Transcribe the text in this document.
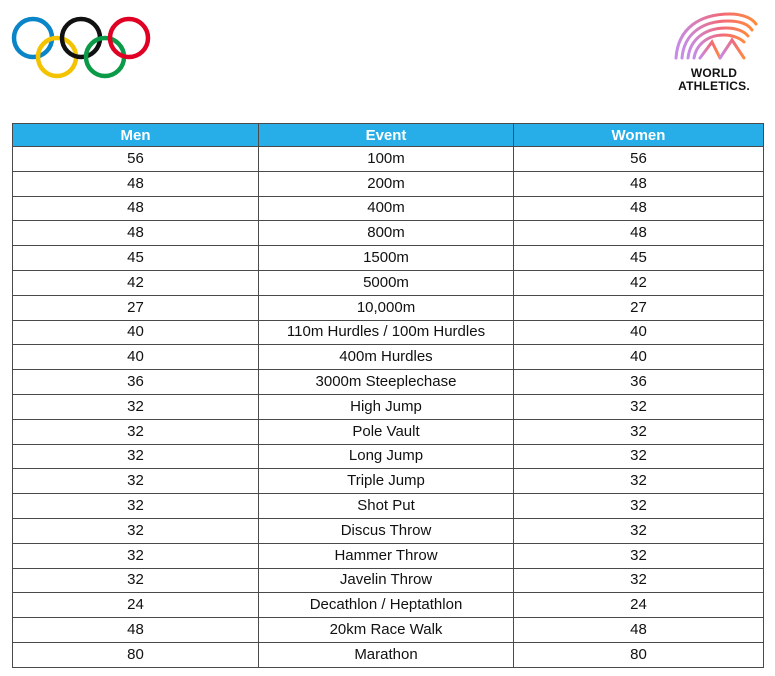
WORLD
ATHLETICS.
Men	Event	Women
56	100m	56
48	200m	48
48	400m	48
48	800m	48
45	1500m	45
42	5000m	42
27	10,000m	27
40	110m Hurdles / 100m Hurdles	40
40	400m Hurdles	40
36	3000m Steeplechase	36
32	High Jump	32
32	Pole Vault	32
32	Long Jump	32
32	Triple Jump	32
32	Shot Put	32
32	Discus Throw	32
32	Hammer Throw	32
32	Javelin Throw	32
24	Decathlon / Heptathlon	24
48	20km Race Walk	48
80	Marathon	80
